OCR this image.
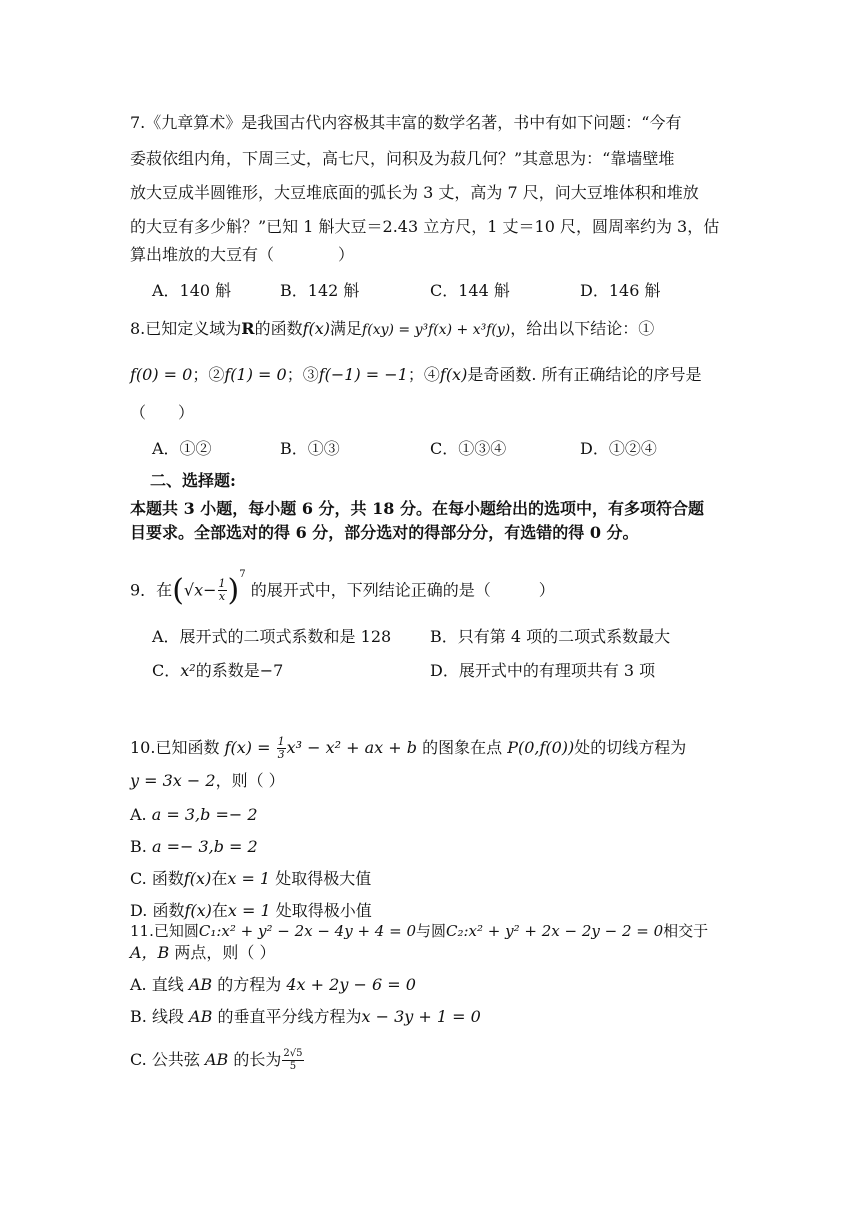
7.《九章算术》是我国古代内容极其丰富的数学名著，书中有如下问题：“今有
委菽依组内角，下周三丈，高七尺，问积及为菽几何？”其意思为：“靠墙壁堆
放大豆成半圆锥形，大豆堆底面的弧长为 3 丈，高为 7 尺，问大豆堆体积和堆放
的大豆有多少斛？”已知 1 斛大豆＝2.43 立方尺，1 丈＝10 尺，圆周率约为 3，估
算出堆放的大豆有（　　　　）
A．140 斛	B．142 斛	C．144 斛	D．146 斛
8.已知定义域为R的函数f(x)满足f(xy) = y³f(x) + x³f(y)，给出以下结论：①
f(0) = 0；②f(1) = 0；③f(−1) = −1；④f(x)是奇函数. 所有正确结论的序号是
（　　）
A．①②	B．①③	C．①③④	D．①②④
二、选择题:
本题共 3 小题，每小题 6 分，共 18 分。在每小题给出的选项中，有多项符合题
目要求。全部选对的得 6 分，部分选对的得部分分，有选错的得 0 分。
9．在$(√x- \frac{1}{x} )^7$ 的展开式中，下列结论正确的是（　　　）
A．展开式的二项式系数和是 128 B．只有第 4 项的二项式系数最大
C．x²的系数是−7	D．展开式中的有理项共有 3 项
10.已知函数 $f(x) = \frac{1}{3} x^3 - x^2$ + ax + b 的图象在点 P(0,f(0))处的切线方程为
y = 3x − 2，则（ ）
A. a = 3,b =− 2
B. a =− 3,b = 2
C. 函数f(x)在x = 1 处取得极大值
D. 函数f(x)在x = 1 处取得极小值
11.已知圆C₁:x² + y² − 2x − 4y + 4 = 0与圆C₂:x² + y² + 2x − 2y − 2 = 0相交于
A，B 两点，则（ ）
A. 直线 AB 的方程为 4x + 2y − 6 = 0
B. 线段 AB 的垂直平分线方程为x − 3y + 1 = 0
C. 公共弦 AB 的长为 $\frac{2√5}{5}$
